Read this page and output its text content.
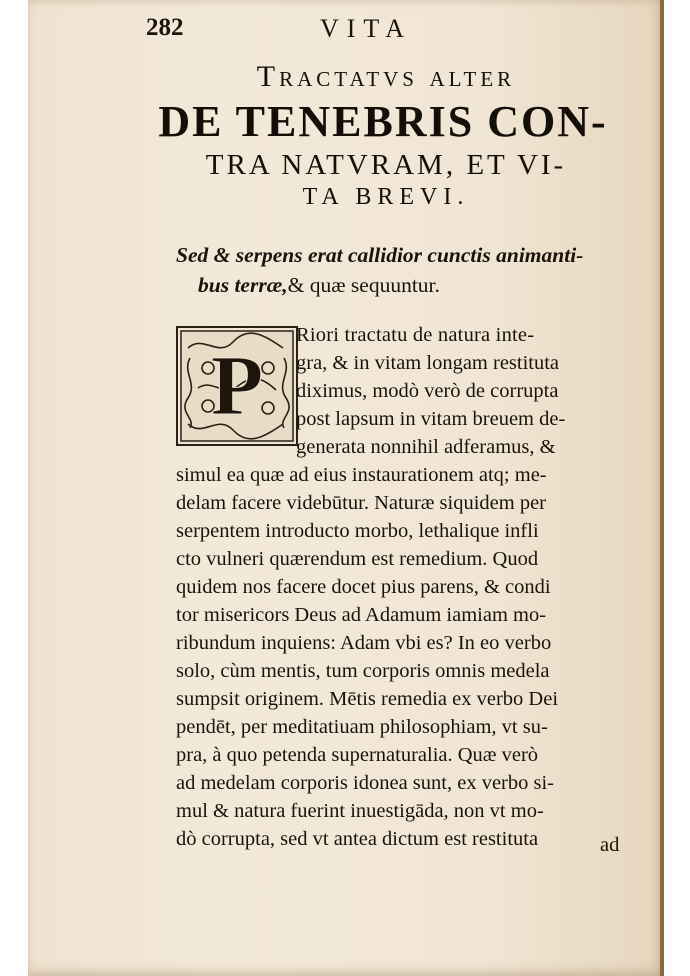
282	VITA
Tractatvs alter
DE TENEBRIS CON-
TRA NATVRAM, ET VI-
TA BREVI.
Sed & serpens erat callidior cunctis animanti-
bus terræ,& quæ sequuntur.
P
Riori tractatu de natura inte-
gra, & in vitam longam restituta
diximus, modò verò de corrupta
post lapsum in vitam breuem de-
generata nonnihil adferamus, &
simul ea quæ ad eius instaurationem atq; me-
delam facere videbūtur. Naturæ siquidem per
serpentem introducto morbo, lethalique infli
cto vulneri quærendum est remedium. Quod
quidem nos facere docet pius parens, & condi
tor misericors Deus ad Adamum iamiam mo-
ribundum inquiens: Adam vbi es? In eo verbo
solo, cùm mentis, tum corporis omnis medela
sumpsit originem. Mētis remedia ex verbo Dei
pendēt, per meditatiuam philosophiam, vt su-
pra, à quo petenda supernaturalia. Quæ verò
ad medelam corporis idonea sunt, ex verbo si-
mul & natura fuerint inuestigāda, non vt mo-
dò corrupta, sed vt antea dictum est restituta	ad
